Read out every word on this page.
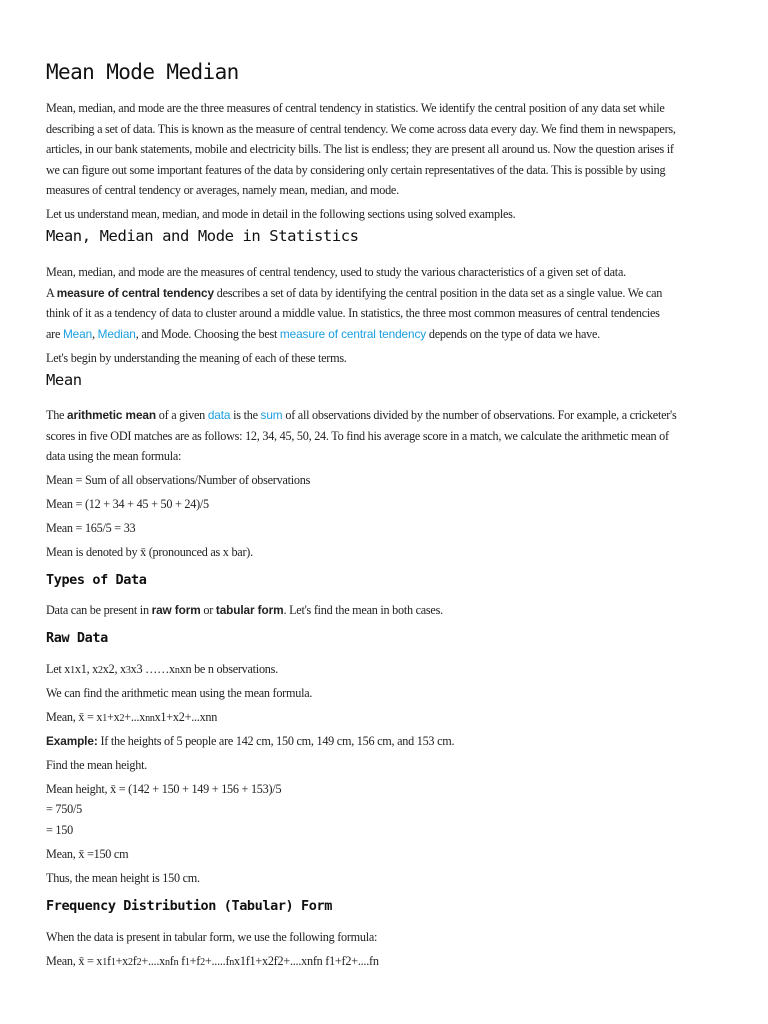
Mean Mode Median

Mean, median, and mode are the three measures of central tendency in statistics. We identify the central position of any data set while

describing a set of data. This is known as the measure of central tendency. We come across data every day. We find them in newspapers,

articles, in our bank statements, mobile and electricity bills. The list is endless; they are present all around us. Now the question arises if

we can figure out some important features of the data by considering only certain representatives of the data. This is possible by using

measures of central tendency or averages, namely mean, median, and mode.

Let us understand mean, median, and mode in detail in the following sections using solved examples.

Mean, Median and Mode in Statistics

Mean, median, and mode are the measures of central tendency, used to study the various characteristics of a given set of data.

A measure of central tendency describes a set of data by identifying the central position in the data set as a single value. We can

think of it as a tendency of data to cluster around a middle value. In statistics, the three most common measures of central tendencies

are Mean, Median, and Mode. Choosing the best measure of central tendency depends on the type of data we have.

Let's begin by understanding the meaning of each of these terms.

Mean

The arithmetic mean of a given data is the sum of all observations divided by the number of observations. For example, a cricketer's

scores in five ODI matches are as follows: 12, 34, 45, 50, 24. To find his average score in a match, we calculate the arithmetic mean of

data using the mean formula:

Mean = Sum of all observations/Number of observations

Mean = (12 + 34 + 45 + 50 + 24)/5

Mean = 165/5 = 33

Mean is denoted by x̄ (pronounced as x bar).

Types of Data

Data can be present in raw form or tabular form. Let's find the mean in both cases.

Raw Data

Let x1x1, x2x2, x3x3 ……xnxn be n observations.

We can find the arithmetic mean using the mean formula.

Mean, x̄ = x1+x2+...xnnx1+x2+...xnn

Example: If the heights of 5 people are 142 cm, 150 cm, 149 cm, 156 cm, and 153 cm.

Find the mean height.

Mean height, x̄ = (142 + 150 + 149 + 156 + 153)/5

= 750/5

= 150

Mean, x̄ =150 cm

Thus, the mean height is 150 cm.

Frequency Distribution (Tabular) Form

When the data is present in tabular form, we use the following formula:

Mean, x̄ = x1f1+x2f2+....xnfn f1+f2+.....fnx1f1+x2f2+....xnfn f1+f2+....fn
